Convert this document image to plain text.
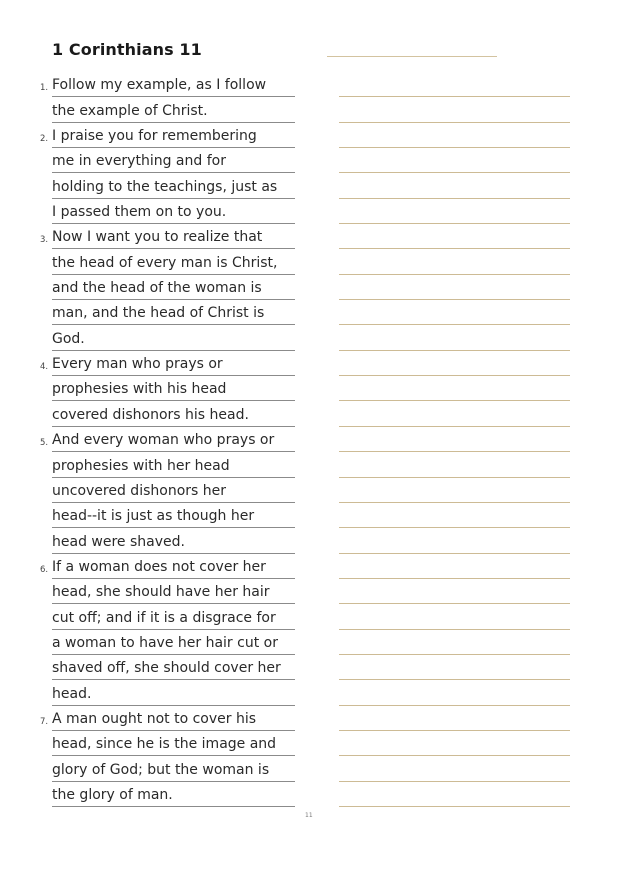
1 Corinthians 11
1. Follow my example, as I follow
the example of Christ.
2. I praise you for remembering
me in everything and for
holding to the teachings, just as
I passed them on to you.
3. Now I want you to realize that
the head of every man is Christ,
and the head of the woman is
man, and the head of Christ is
God.
4. Every man who prays or
prophesies with his head
covered dishonors his head.
5. And every woman who prays or
prophesies with her head
uncovered dishonors her
head--it is just as though her
head were shaved.
6. If a woman does not cover her
head, she should have her hair
cut off; and if it is a disgrace for
a woman to have her hair cut or
shaved off, she should cover her
head.
7. A man ought not to cover his
head, since he is the image and
glory of God; but the woman is
the glory of man.
11
